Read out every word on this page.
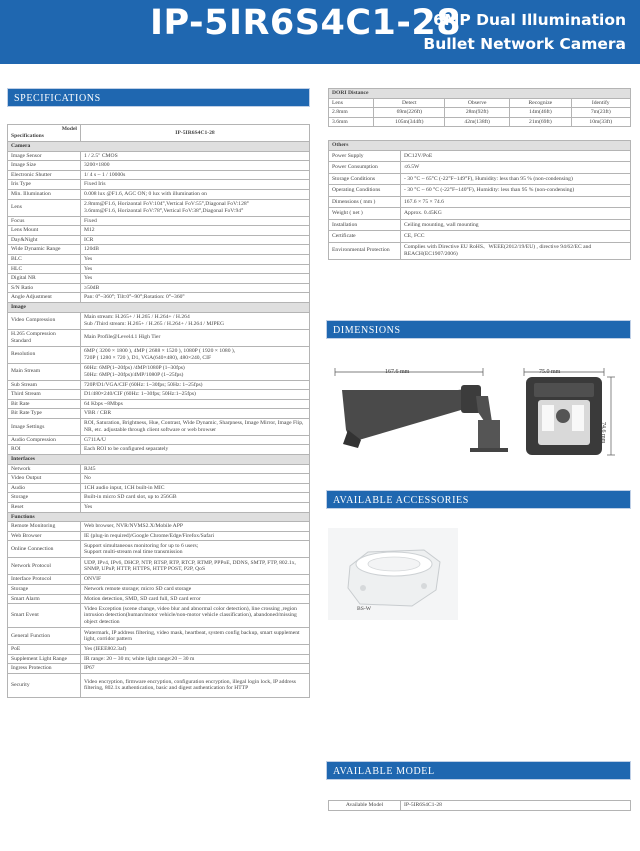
IP-5IR6S4C1-28
6MP Dual Illumination
Bullet Network Camera
SPECIFICATIONS
Model
Specifications	IP-5IR6S4C1-28
Camera	
Image Sensor	1 / 2.5" CMOS
Image Size	3200×1800
Electronic Shutter	1/ 4 s ~ 1 / 10000s
Iris Type	Fixed Iris
Min. Illumination	0.008 lux @F1.6, AGC ON; 0 lux with illumination on
Lens	2.8mm@F1.6, Horizontal FoV:104°,Vertical FoV:55°,Diagonal FoV:128°
3.6mm@F1.6, Horizontal FoV:78°,Vertical FoV:38°,Diagonal FoV:94°
Focus	Fixed
Lens Mount	M12
Day&Night	ICR
Wide Dynamic Range	120dB
BLC	Yes
HLC	Yes
Digital NR	Yes
S/N Ratio	≥50dB
Angle Adjustment	Pan: 0°~360°; Tilt:0°~90°;Rotation: 0°~360°
Image	
Video Compression	Main stream: H.265+ / H.265 / H.264+ / H.264
Sub /Third stream: H.265+ / H.265 / H.264+ / H.264 / MJPEG
H.265 Compression Standard	Main Profile@Level4.1 High Tier
Resolution	6MP ( 3200 × 1800 ), 4MP ( 2688 × 1520 ), 1080P ( 1920 × 1080 ),
720P ( 1280 × 720 ), D1, VGA(640×480), 480×240, CIF
Main Stream	60Hz: 6MP(1~20fps) /4MP/1080P (1~30fps)
50Hz: 6MP(1~20fps)/4MP/1080P (1~25fps)
Sub Stream	720P/D1/VGA/CIF (60Hz: 1~30fps; 50Hz: 1~25fps)
Third Stream	D1/480×240/CIF (60Hz: 1~30fps; 50Hz:1~25fps)
Bit Rate	64 Kbps ~8Mbps
Bit Rate Type	VBR / CBR
Image Settings	ROI, Saturation, Brightness, Hue, Contrast, Wide Dynamic, Sharpness, Image Mirror, Image Flip, NR, etc. adjustable through client software or web browser
Audio Compression	G711A/U
ROI	Each ROI to be configured separately
Interfaces	
Network	RJ45
Video Output	No
Audio	1CH audio input, 1CH built-in MIC
Storage	Built-in micro SD card slot, up to 256GB
Reset	Yes
Functions	
Remote Monitoring	Web browser, NVR/NVMS2.X/Mobile APP
Web Browser	IE (plug-in required)/Google Chrome/Edge/Firefox/Safari
Online Connection	Support simultaneous monitoring for up to 6 users;
Support multi-stream real time transmission
Network Protocol	UDP, IPv4, IPv6, DHCP, NTP, RTSP, RTP, RTCP, RTMP, PPPoE, DDNS, SMTP, FTP, 802.1x, SNMP, UPnP, HTTP, HTTPS, HTTP POST, P2P, QoS
Interface Protocol	ONVIF
Storage	Network remote storage; micro SD card storage
Smart Alarm	Motion detection, SMD, SD card full, SD card error
Smart Event	Video Exception (scene change, video blur and abnormal color detection), line crossing ,region intrusion detection(human/motor vehicle/non-motor vehicle classification), abandoned/missing object detection
General Function	Watermark, IP address filtering, video mask, heartbeat, system config backup, smart supplement light, corridor pattern
PoE	Yes (IEEE802.3af)
Supplement Light Range	IR range: 20 ~ 30 m; white light range:20 ~ 30 m
Ingress Protection	IP67
Security	Video encryption, firmware encryption, configuration encryption, illegal login lock, IP address filtering, 802.1x authentication, basic and digest authentication for HTTP
DORI Distance				
Lens	Detect	Observe	Recognize	Identify
2.8mm	69m(226ft)	28m(92ft)	14m(46ft)	7m(23ft)
3.6mm	105m(344ft)	42m(138ft)	21m(69ft)	10m(33ft)
Others	
Power Supply	DC12V/PoE
Power Consumption	≤6.5W
Storage Conditions	- 30 °C ~ 65°C (-22°F~149°F), Humidity: less than 95 % (non-condensing)
Operating Conditions	- 30 °C ~ 60 °C (-22°F~140°F), Humidity: less than 95 % (non-condensing)
Dimensions ( mm )	167.6 × 75 × 74.6
Weight ( net )	Approx. 0.45KG
Installation	Ceiling mounting, wall mounting
Certificate	CE, FCC
Environmental Protection	Complies with Directive EU RoHS、WEEE(2012/19/EU) , directive 94/62/EC and REACH(EC1907/2006)
DIMENSIONS
167.6 mm	75.0 mm
74.6 mm
AVAILABLE ACCESSORIES
BS-W
AVAILABLE MODEL
Available Model	IP-5IR6S4C1-28
